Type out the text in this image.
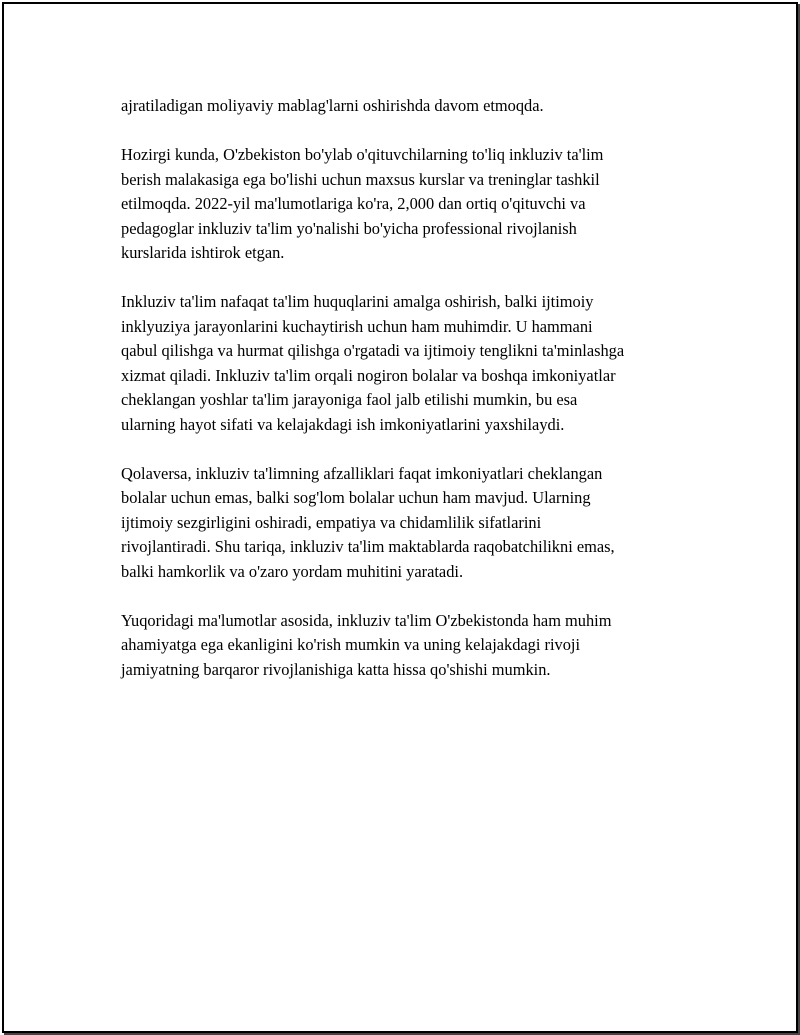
ajratiladigan moliyaviy mablag'larni oshirishda davom etmoqda.

Hozirgi kunda, O'zbekiston bo'ylab o'qituvchilarning to'liq inkluziv ta'lim
berish malakasiga ega bo'lishi uchun maxsus kurslar va treninglar tashkil
etilmoqda. 2022-yil ma'lumotlariga ko'ra, 2,000 dan ortiq o'qituvchi va
pedagoglar inkluziv ta'lim yo'nalishi bo'yicha professional rivojlanish
kurslarida ishtirok etgan.

Inkluziv ta'lim nafaqat ta'lim huquqlarini amalga oshirish, balki ijtimoiy
inklyuziya jarayonlarini kuchaytirish uchun ham muhimdir. U hammani
qabul qilishga va hurmat qilishga o'rgatadi va ijtimoiy tenglikni ta'minlashga
xizmat qiladi. Inkluziv ta'lim orqali nogiron bolalar va boshqa imkoniyatlar
cheklangan yoshlar ta'lim jarayoniga faol jalb etilishi mumkin, bu esa
ularning hayot sifati va kelajakdagi ish imkoniyatlarini yaxshilaydi.

Qolaversa, inkluziv ta'limning afzalliklari faqat imkoniyatlari cheklangan
bolalar uchun emas, balki sog'lom bolalar uchun ham mavjud. Ularning
ijtimoiy sezgirligini oshiradi, empatiya va chidamlilik sifatlarini
rivojlantiradi. Shu tariqa, inkluziv ta'lim maktablarda raqobatchilikni emas,
balki hamkorlik va o'zaro yordam muhitini yaratadi.

Yuqoridagi ma'lumotlar asosida, inkluziv ta'lim O'zbekistonda ham muhim
ahamiyatga ega ekanligini ko'rish mumkin va uning kelajakdagi rivoji
jamiyatning barqaror rivojlanishiga katta hissa qo'shishi mumkin.
